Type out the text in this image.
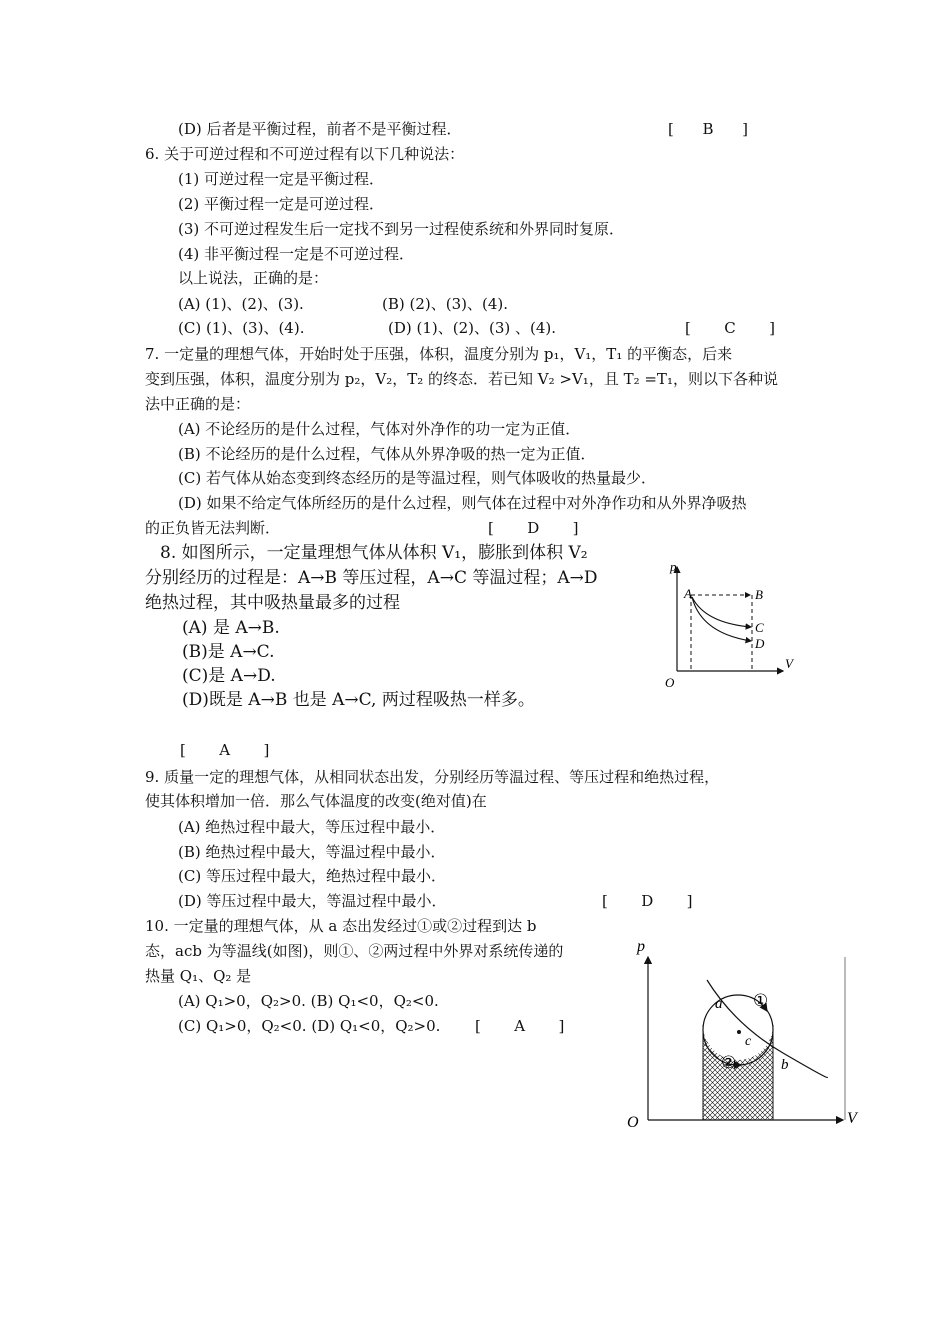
(D) 后者是平衡过程，前者不是平衡过程．	[      B      ]
6. 关于可逆过程和不可逆过程有以下几种说法：
(1) 可逆过程一定是平衡过程．
(2) 平衡过程一定是可逆过程．
(3) 不可逆过程发生后一定找不到另一过程使系统和外界同时复原．
(4) 非平衡过程一定是不可逆过程．
以上说法，正确的是：
(A) (1)、(2)、(3).	(B) (2)、(3)、(4).
(C) (1)、(3)、(4).	(D) (1)、(2)、(3) 、(4).	[       C       ]
7. 一定量的理想气体，开始时处于压强，体积，温度分别为 p₁，V₁，T₁ 的平衡态，后来
变到压强，体积，温度分别为 p₂，V₂，T₂ 的终态．若已知 V₂ >V₁，且 T₂ =T₁，则以下各种说
法中正确的是：
(A) 不论经历的是什么过程，气体对外净作的功一定为正值．
(B) 不论经历的是什么过程，气体从外界净吸的热一定为正值．
(C) 若气体从始态变到终态经历的是等温过程，则气体吸收的热量最少．
(D) 如果不给定气体所经历的是什么过程，则气体在过程中对外净作功和从外界净吸热
的正负皆无法判断．	[       D       ]
8. 如图所示，一定量理想气体从体积 V₁，膨胀到体积 V₂
分别经历的过程是：A→B 等压过程，A→C 等温过程；A→D
绝热过程，其中吸热量最多的过程
(A) 是 A→B.
(B)是 A→C.
(C)是 A→D.
(D)既是 A→B 也是 A→C, 两过程吸热一样多。
[       A       ]
p
V
O
A	B
C
D
9. 质量一定的理想气体，从相同状态出发，分别经历等温过程、等压过程和绝热过程，
使其体积增加一倍．那么气体温度的改变(绝对值)在
(A) 绝热过程中最大，等压过程中最小．
(B) 绝热过程中最大，等温过程中最小．
(C) 等压过程中最大，绝热过程中最小．
(D) 等压过程中最大，等温过程中最小．	[       D       ]
10. 一定量的理想气体，从 a 态出发经过①或②过程到达 b
态，acb 为等温线(如图)，则①、②两过程中外界对系统传递的
热量 Q₁、Q₂ 是
(A) Q₁>0，Q₂>0. (B) Q₁<0，Q₂<0.
(C) Q₁>0，Q₂<0. (D) Q₁<0，Q₂>0. [       A       ]
p
V
O
a
b
c
①
②
